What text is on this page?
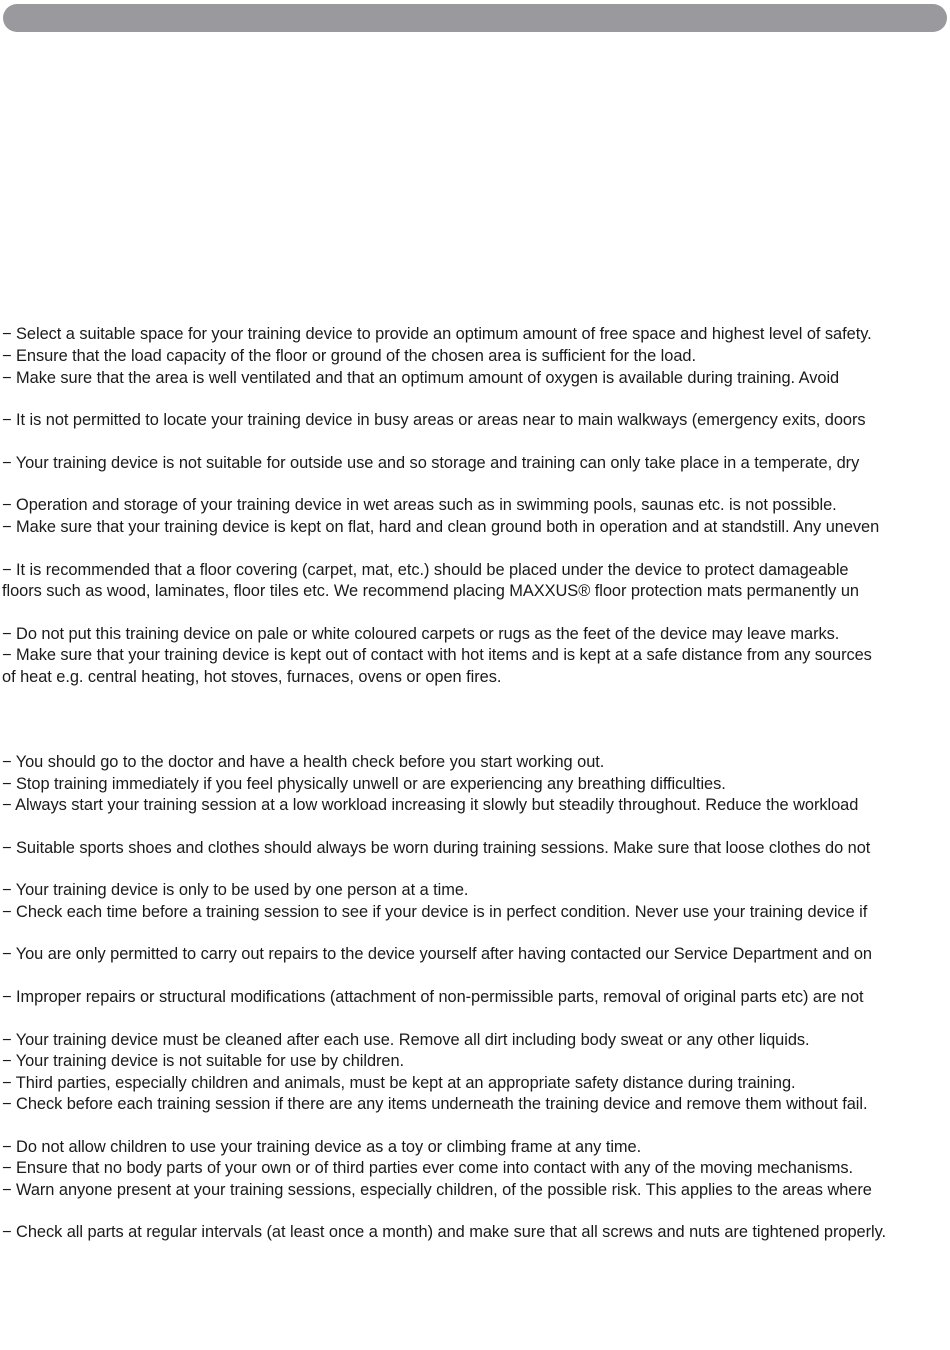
− Select a suitable space for your training device to provide an optimum amount of free space and highest level of safety.
− Ensure that the load capacity of the floor or ground of the chosen area is sufficient for the load.
− Make sure that the area is well ventilated and that an optimum amount of oxygen is available during training. Avoid
− It is not permitted to locate your training device in busy areas or areas near to main walkways (emergency exits, doors
− Your training device is not suitable for outside use and so storage and training can only take place in a temperate, dry
− Operation and storage of your training device in wet areas such as in swimming pools, saunas etc. is not possible.
− Make sure that your training device is kept on flat, hard and clean ground both in operation and at standstill. Any uneven
− It is recommended that a floor covering (carpet, mat, etc.) should be placed under the device to protect damageable
floors such as wood, laminates, floor tiles etc. We recommend placing MAXXUS® floor protection mats permanently un
− Do not put this training device on pale or white coloured carpets or rugs as the feet of the device may leave marks.
− Make sure that your training device is kept out of contact with hot items and is kept at a safe distance from any sources
of heat e.g. central heating, hot stoves, furnaces, ovens or open fires.
− You should go to the doctor and have a health check before you start working out.
− Stop training immediately if you feel physically unwell or are experiencing any breathing difficulties.
− Always start your training session at a low workload increasing it slowly but steadily throughout. Reduce the workload
− Suitable sports shoes and clothes should always be worn during training sessions. Make sure that loose clothes do not
− Your training device is only to be used by one person at a time.
− Check each time before a training session to see if your device is in perfect condition. Never use your training device if
− You are only permitted to carry out repairs to the device yourself after having contacted our Service Department and on
− Improper repairs or structural modifications (attachment of non-permissible parts, removal of original parts etc) are not
− Your training device must be cleaned after each use. Remove all dirt including body sweat or any other liquids.
− Your training device is not suitable for use by children.
− Third parties, especially children and animals, must be kept at an appropriate safety distance during training.
− Check before each training session if there are any items underneath the training device and remove them without fail.
− Do not allow children to use your training device as a toy or climbing frame at any time.
− Ensure that no body parts of your own or of third parties ever come into contact with any of the moving mechanisms.
− Warn anyone present at your training sessions, especially children, of the possible risk. This applies to the areas where
− Check all parts at regular intervals (at least once a month) and make sure that all screws and nuts are tightened properly.
